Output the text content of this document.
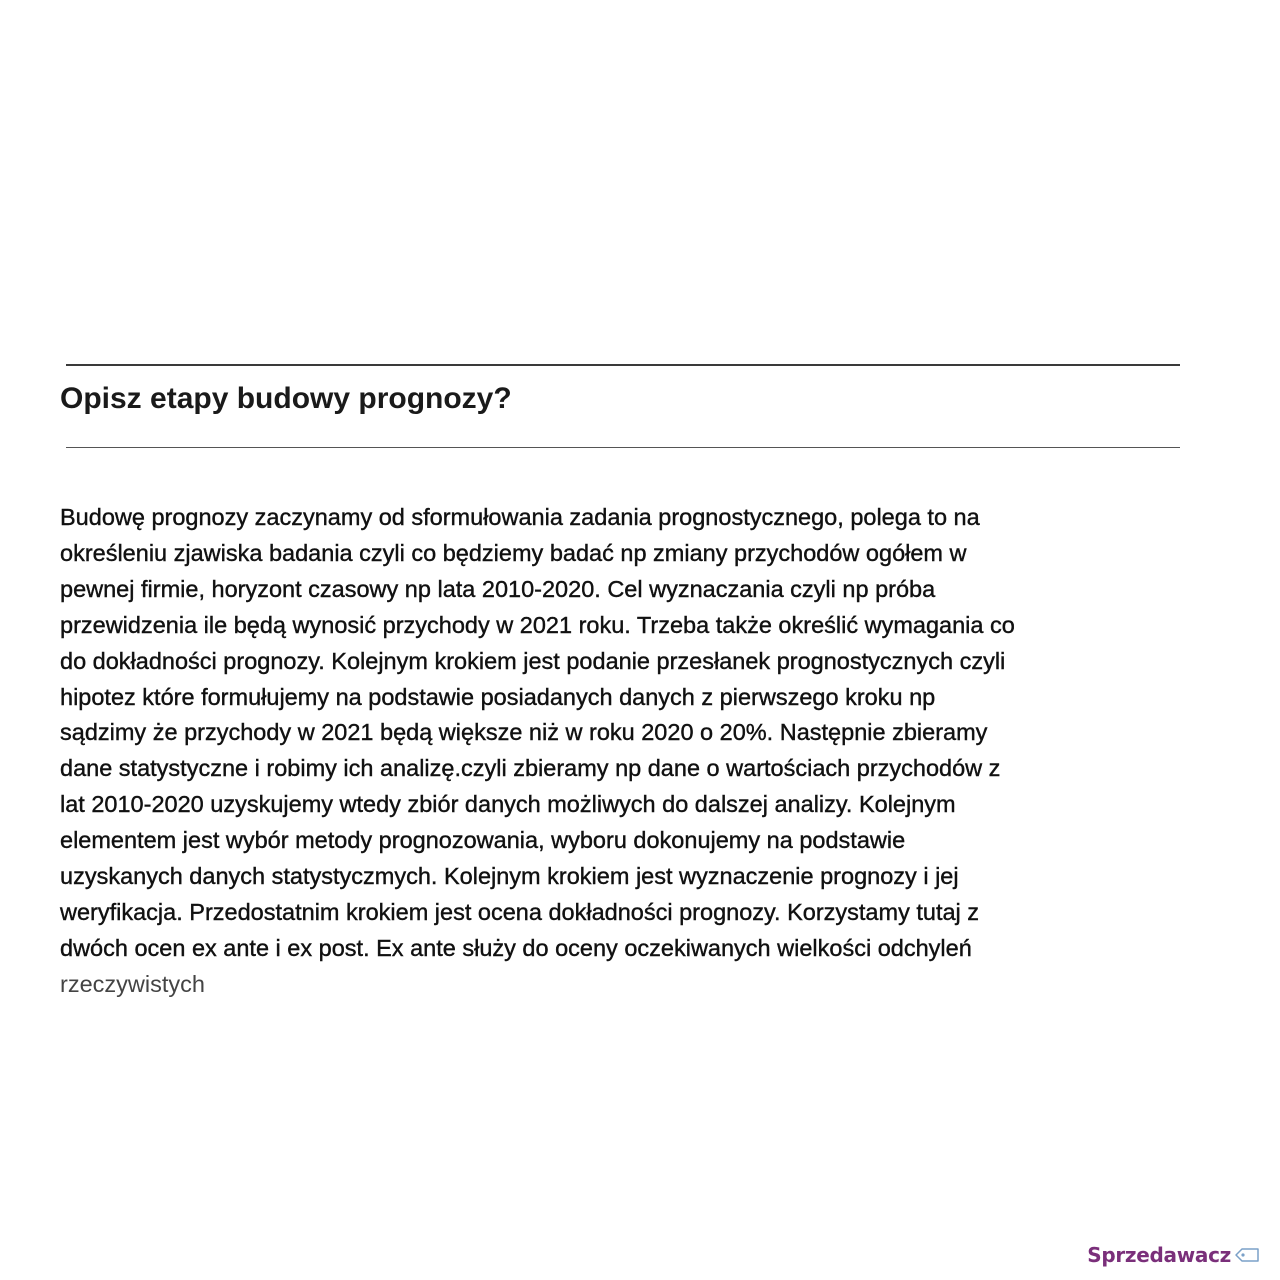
Opisz etapy budowy prognozy?
Budowę prognozy zaczynamy od sformułowania zadania prognostycznego, polega to na
określeniu zjawiska badania czyli co będziemy badać np zmiany przychodów ogółem w
pewnej firmie, horyzont czasowy np lata 2010-2020. Cel wyznaczania czyli np próba
przewidzenia ile będą wynosić przychody w 2021 roku. Trzeba także określić wymagania co
do dokładności prognozy. Kolejnym krokiem jest podanie przesłanek prognostycznych czyli
hipotez które formułujemy na podstawie posiadanych danych z pierwszego kroku np
sądzimy że przychody w 2021 będą większe niż w roku 2020 o 20%. Następnie zbieramy
dane statystyczne i robimy ich analizę.czyli zbieramy np dane o wartościach przychodów z
lat 2010-2020 uzyskujemy wtedy zbiór danych możliwych do dalszej analizy. Kolejnym
elementem jest wybór metody prognozowania, wyboru dokonujemy na podstawie
uzyskanych danych statystyczmych. Kolejnym krokiem jest wyznaczenie prognozy i jej
weryfikacja. Przedostatnim krokiem jest ocena dokładności prognozy. Korzystamy tutaj z
dwóch ocen ex ante i ex post. Ex ante służy do oceny oczekiwanych wielkości odchyleń
rzeczywistych
Sprzedawacz
